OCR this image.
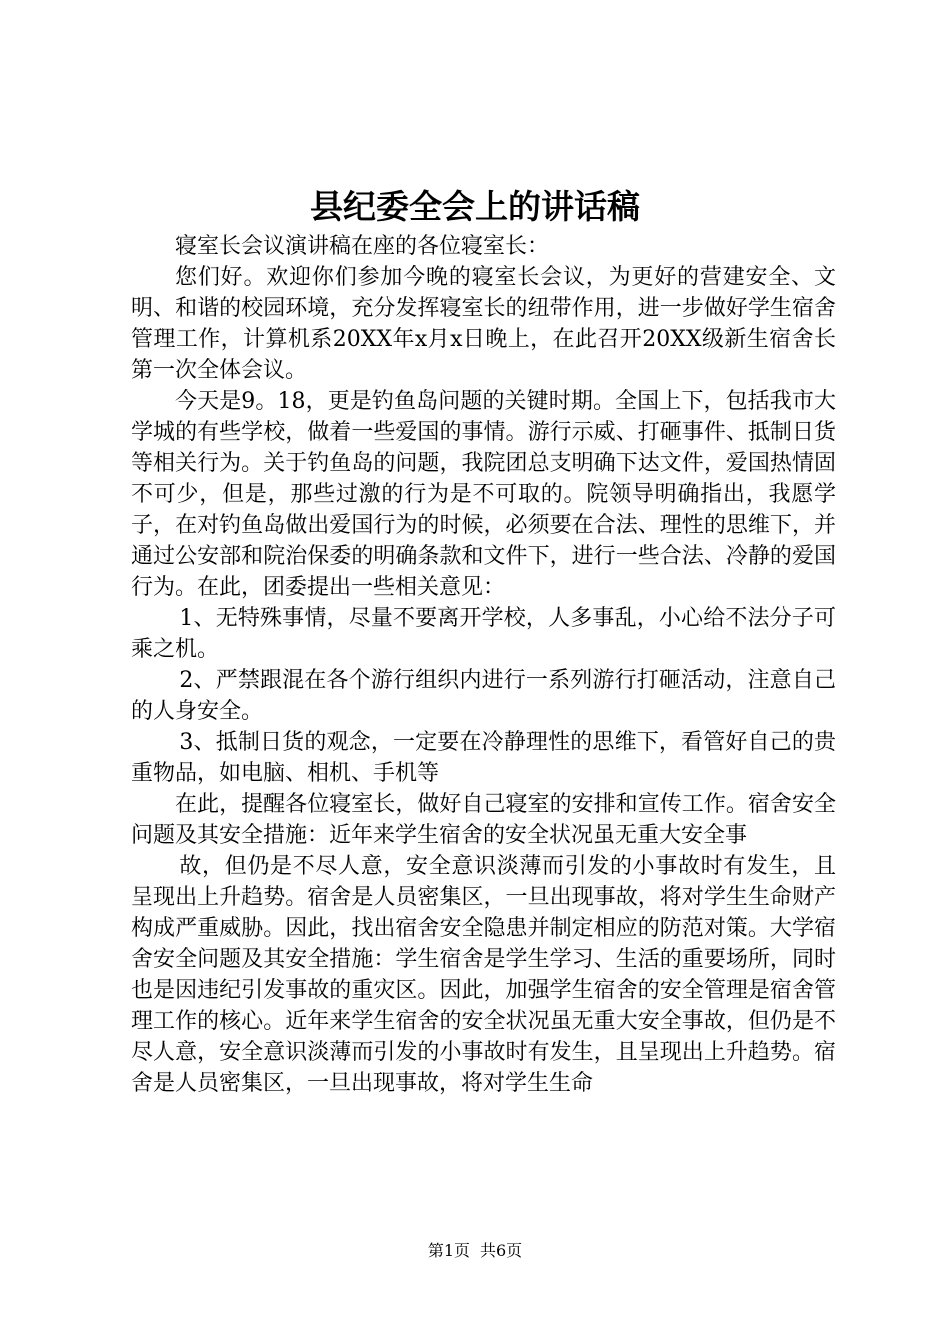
县纪委全会上的讲话稿

寝室长会议演讲稿在座的各位寝室长：

您们好。欢迎你们参加今晚的寝室长会议，为更好的营建安全、文明、和谐的校园环境，充分发挥寝室长的纽带作用，进一步做好学生宿舍管理工作，计算机系20XX年x月x日晚上，在此召开20XX级新生宿舍长第一次全体会议。

今天是9。18，更是钓鱼岛问题的关键时期。全国上下，包括我市大学城的有些学校，做着一些爱国的事情。游行示威、打砸事件、抵制日货等相关行为。关于钓鱼岛的问题，我院团总支明确下达文件，爱国热情固不可少，但是，那些过激的行为是不可取的。院领导明确指出，我愿学子，在对钓鱼岛做出爱国行为的时候，必须要在合法、理性的思维下，并通过公安部和院治保委的明确条款和文件下，进行一些合法、冷静的爱国行为。在此，团委提出一些相关意见：

1、无特殊事情，尽量不要离开学校，人多事乱，小心给不法分子可乘之机。

2、严禁跟混在各个游行组织内进行一系列游行打砸活动，注意自己的人身安全。

3、抵制日货的观念，一定要在冷静理性的思维下，看管好自己的贵重物品，如电脑、相机、手机等

在此，提醒各位寝室长，做好自己寝室的安排和宣传工作。宿舍安全问题及其安全措施：近年来学生宿舍的安全状况虽无重大安全事

故，但仍是不尽人意，安全意识淡薄而引发的小事故时有发生，且呈现出上升趋势。宿舍是人员密集区，一旦出现事故，将对学生生命财产构成严重威胁。因此，找出宿舍安全隐患并制定相应的防范对策。大学宿舍安全问题及其安全措施：学生宿舍是学生学习、生活的重要场所，同时也是因违纪引发事故的重灾区。因此，加强学生宿舍的安全管理是宿舍管理工作的核心。近年来学生宿舍的安全状况虽无重大安全事故，但仍是不尽人意，安全意识淡薄而引发的小事故时有发生，且呈现出上升趋势。宿舍是人员密集区，一旦出现事故，将对学生生命

第1页 共6页
